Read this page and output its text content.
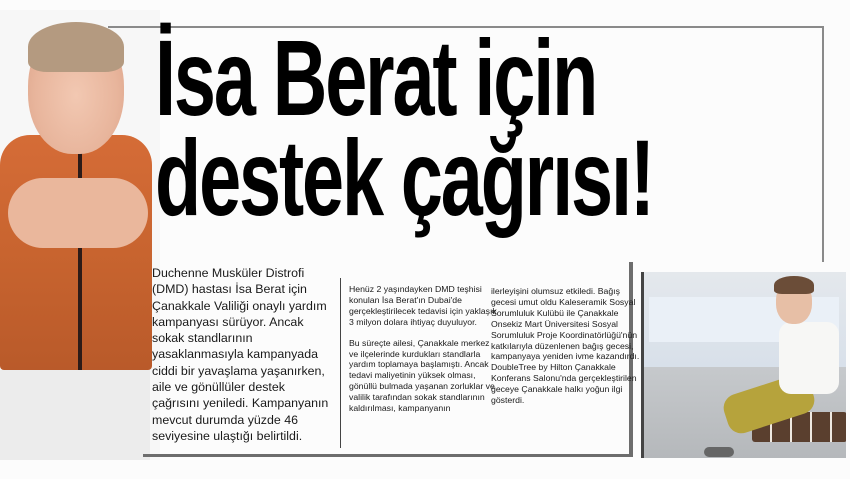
İsa Berat için
destek çağrısı!

Duchenne Musküler Distrofi (DMD) hastası İsa Berat için Çanakkale Valiliği onaylı yardım kampanyası sürüyor. Ancak sokak standlarının yasaklanmasıyla kampanyada ciddi bir yavaşlama yaşanırken, aile ve gönüllüler destek çağrısını yeniledi. Kampanyanın mevcut durumda yüzde 46 seviyesine ulaştığı belirtildi.

Henüz 2 yaşındayken DMD teşhisi konulan İsa Berat'ın Dubai'de gerçekleştirilecek tedavisi için yaklaşık 3 milyon dolara ihtiyaç duyuluyor.

Bu süreçte ailesi, Çanakkale merkez ve ilçelerinde kurdukları standlarla yardım toplamaya başlamıştı. Ancak tedavi maliyetinin yüksek olması, gönüllü bulmada yaşanan zorluklar ve valilik tarafından sokak standlarının kaldırılması, kampanyanın

ilerleyişini olumsuz etkiledi. Bağış gecesi umut oldu Kaleseramik Sosyal Sorumluluk Kulübü ile Çanakkale Onsekiz Mart Üniversitesi Sosyal Sorumluluk Proje Koordinatörlüğü'nün katkılarıyla düzenlenen bağış gecesi, kampanyaya yeniden ivme kazandırdı. DoubleTree by Hilton Çanakkale Konferans Salonu'nda gerçekleştirilen geceye Çanakkale halkı yoğun ilgi gösterdi.
